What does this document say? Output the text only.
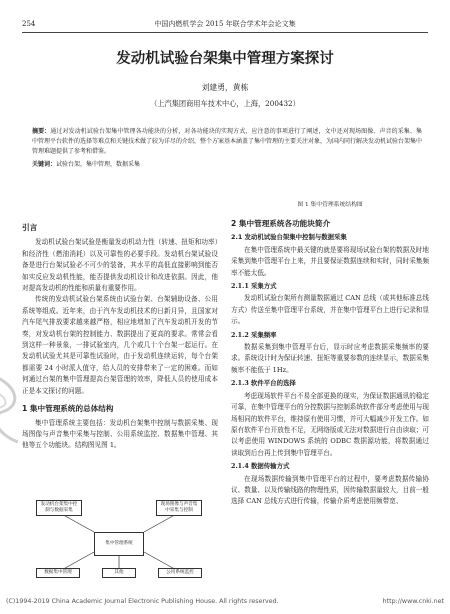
254	中国内燃机学会 2015 年联合学术年会论文集
发动机试验台架集中管理方案探讨
刘建勇，黄栋
（上汽集团商用车技术中心，上海，200432）
摘要：通过对发动机试验台架集中管理各功能块的分析，对各功能块的实现方式、应注意的事项进行了阐述，文中还对现场图像、声音的采集、集中管理平台软件的选择等难点和关键技术做了较为详尽的介绍，整个方案基本涵盖了集中管理的主要关注对象，为国内同行解决发动机试验台架集中管理难题提供了参考和借鉴。
关键词：试验台架，集中管理，数据采集
引言

发动机试验台架试验是衡量发动机动力性（转速、扭矩和功率）和经济性（燃油消耗）以及可靠性的必要手段。发动机台架试验设备是进行台架试验必不可少的装备，其水平的高低直接影响到能否如实反应发动机性能，能否提供发动机设计和改进依据。因此，他对提高发动机的性能和质量有重要作用。

传统的发动机试验台架系统由试验台架、台架辅助设备、公用系统等组成。近年来，由于汽车发动机技术的日新月异，且国家对汽车尾气排放要求越来越严格，相应地增加了汽车发动机开发的节奏，对发动机台架的控制能力、数据提出了更高的要求。常常会看到这样一种景象，一排试验室内，几个或几十个台架一起运行。在发动机试验尤其是可靠性试验时，由于发动机连续运转，每个台架都需要 24 小时派人值守，给人员的安排带来了一定的困难。而如何通过台架的集中管理提高台架管理的效率，降低人员的使用成本正是本文探讨的问题。

1 集中管理系统的总体结构

集中管理系统主要包括：发动机台架集中控制与数据采集、现场图像与声音集中采集与控制、公用系统监控、数据集中管理、其他等五个功能块。结构图见图 1。

发动机台架集中控制与数据采集
现场图像与声音集中采集与控制
集中管理系统
数据集中管理	其他	公用系统监控
图 1 集中管理系统结构图
2 集中管理系统各功能块简介
2.1 发动机试验台架集中控制与数据采集

在集中管理系统中最关键的就是要将现场试验台架的数据及时地采集到集中管理平台上来，并且要保证数据连续和实时，同时采集频率不能太低。

2.1.1 采集方式

发动机试验台架所有测量数据通过 CAN 总线（或其他标准总线方式）传送至集中管理平台系统，并在集中管理平台上进行记录和显示。

2.1.2 采集频率

数据采集到集中管理平台后，显示时应考虑数据采集频率的要求。系统设计时为保证转速、扭矩等重要参数的连续显示，数据采集频率不能低于 1Hz。

2.1.3 软件平台的选择

考虑现场软件平台不易全部更换的现实，为保证数据通讯的稳定可靠，在集中管理平台的分控数据与控制系统软件部分考虑使用与现场相同的软件平台，维持原有使用习惯，并可大幅减少开发工作。如原有软件平台开放性不足，无网络版或无法对数据进行自由读取；可以考虑使用 WINDOWS 系统的 ODBC 数据源功能，将数据通过读取到后台再上传到集中管理平台。

2.1.4 数据传输方式

在现场数据传输到集中管理平台的过程中，要考虑数据传输协议、数量、以及传输线路的物理性质，因传输数据量较大，目前一般选择 CAN 总线方式进行传输，传输介质考虑使用频带宽、

(C)1994-2019 China Academic Journal Electronic Publishing House. All rights reserved.	http://www.cnki.net
